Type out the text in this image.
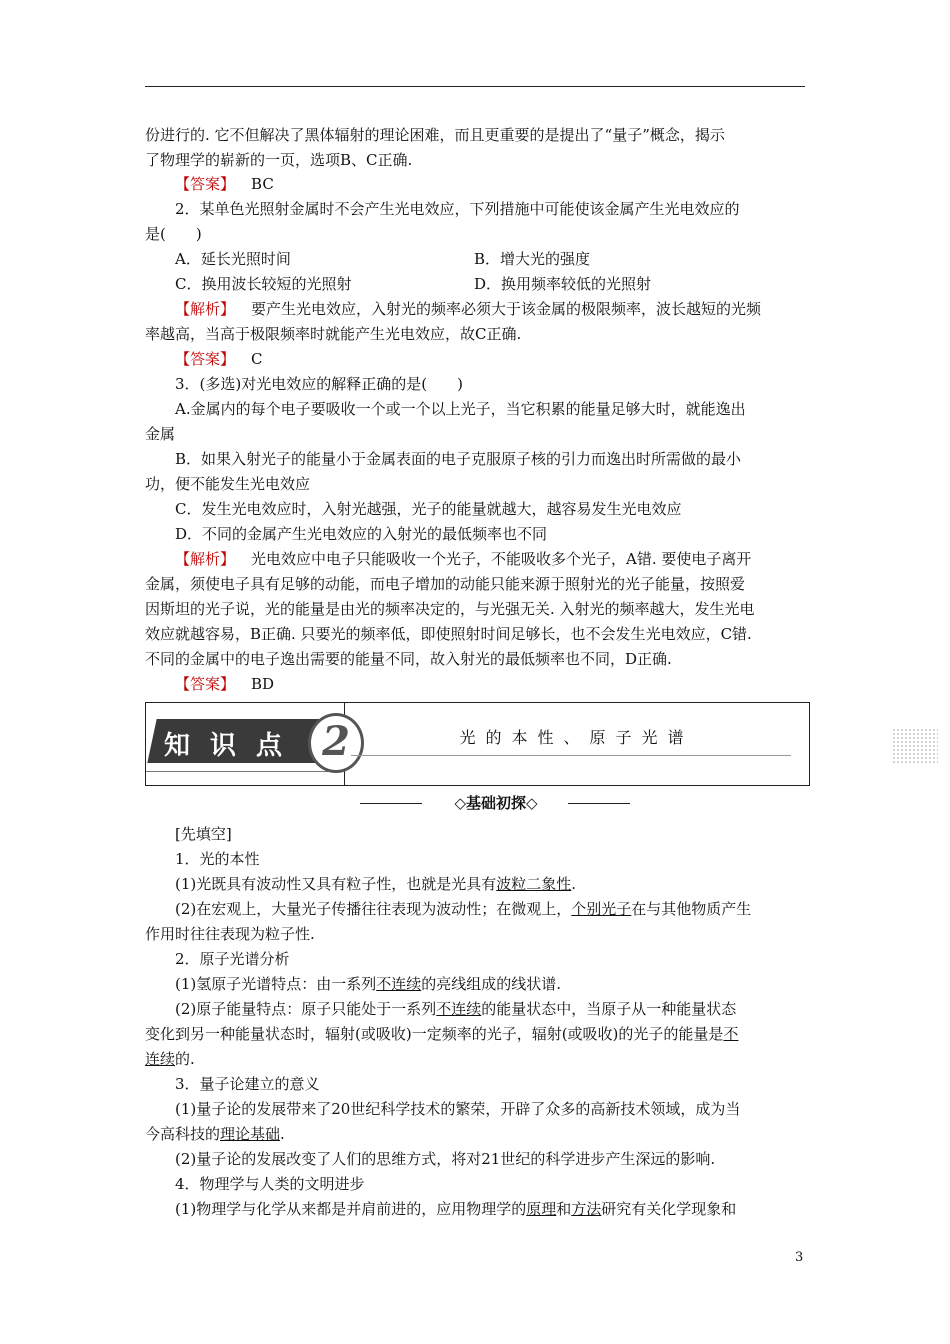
份进行的. 它不但解决了黑体辐射的理论困难，而且更重要的是提出了“量子”概念，揭示
了物理学的崭新的一页，选项B、C正确.
【答案】 BC
2．某单色光照射金属时不会产生光电效应，下列措施中可能使该金属产生光电效应的
是(　　)
A．延长光照时间	B．增大光的强度
C．换用波长较短的光照射	D．换用频率较低的光照射
【解析】 要产生光电效应，入射光的频率必须大于该金属的极限频率，波长越短的光频
率越高，当高于极限频率时就能产生光电效应，故C正确.
【答案】 C
3．(多选)对光电效应的解释正确的是(　　)
A.金属内的每个电子要吸收一个或一个以上光子，当它积累的能量足够大时，就能逸出
金属
B．如果入射光子的能量小于金属表面的电子克服原子核的引力而逸出时所需做的最小
功，便不能发生光电效应
C．发生光电效应时，入射光越强，光子的能量就越大，越容易发生光电效应
D．不同的金属产生光电效应的入射光的最低频率也不同
【解析】 光电效应中电子只能吸收一个光子，不能吸收多个光子，A错. 要使电子离开
金属，须使电子具有足够的动能，而电子增加的动能只能来源于照射光的光子能量，按照爱
因斯坦的光子说，光的能量是由光的频率决定的，与光强无关. 入射光的频率越大，发生光电
效应就越容易，B正确. 只要光的频率低，即使照射时间足够长，也不会发生光电效应，C错.
不同的金属中的电子逸出需要的能量不同，故入射光的最低频率也不同，D正确.
【答案】 BD
知识点 2	光的本性、原子光谱
◇基础初探◇
[先填空]
1．光的本性
(1)光既具有波动性又具有粒子性，也就是光具有波粒二象性.
(2)在宏观上，大量光子传播往往表现为波动性；在微观上，个别光子在与其他物质产生
作用时往往表现为粒子性.
2．原子光谱分析
(1)氢原子光谱特点：由一系列不连续的亮线组成的线状谱.
(2)原子能量特点：原子只能处于一系列不连续的能量状态中，当原子从一种能量状态
变化到另一种能量状态时，辐射(或吸收)一定频率的光子，辐射(或吸收)的光子的能量是不
连续的.
3．量子论建立的意义
(1)量子论的发展带来了20世纪科学技术的繁荣，开辟了众多的高新技术领域，成为当
今高科技的理论基础.
(2)量子论的发展改变了人们的思维方式，将对21世纪的科学进步产生深远的影响.
4．物理学与人类的文明进步
(1)物理学与化学从来都是并肩前进的，应用物理学的原理和方法研究有关化学现象和
3
